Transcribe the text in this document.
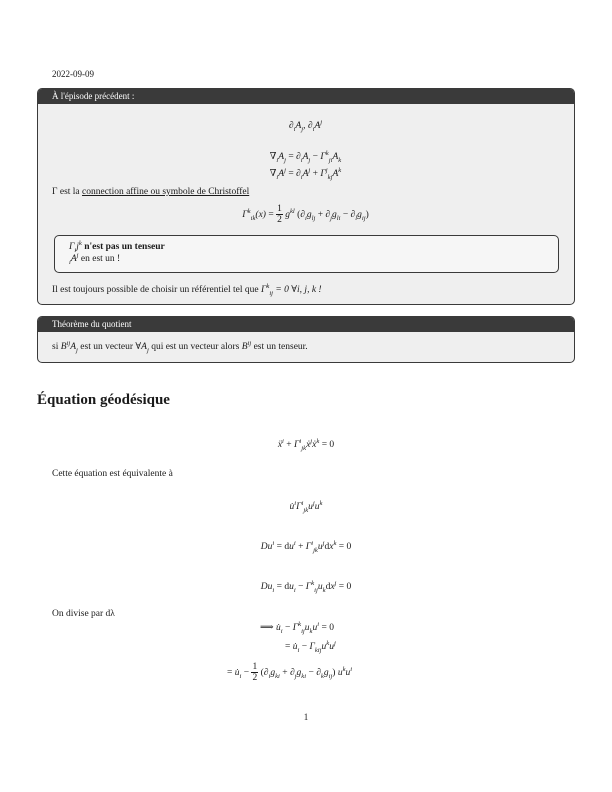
2022-09-09
À l'épisode précédent :
$\partial_iA_j$, $\partial_iA^j$
$\nabla_iA_j = \partial_iA_j - \Gamma^k_{ji}A_k$
$\nabla_iA^j = \partial_iA^j + \Gamma^j_{kj}A^k$
Γ est la connection affine ou symbole de Christoffel
$\Gamma^k_{ik}(x) = \frac{1}{2} g^{kl}$ $(\partial_ig_{lj} + \partial_jg_{li} - \partial_lg_{ij})$
$\Gamma_ij^k$ n'est pas un tenseur
$_iA^j$ en est un !
Il est toujours possible de choisir un référentiel tel que $\Gamma^k_{ij} = 0$ ∀i, j, k !
Théorème du quotient
si $B^{ij}A_j$ est un vecteur $\forall A_j$ qui est un vecteur alors $B^{ij}$ est un tenseur.
Équation géodésique
ẍ$^i$ + $\Gamma^i_{jk}ẋ^jẋ^k = 0$
Cette équation est équivalente à
$u̇^i\Gamma^i_{jk}u^ju^k$
$Du^i = du^i + \Gamma^i_{jk}u^jdx^k = 0$
$Du_i = du_i - \Gamma^k_{ij}u_kdx^j = 0$
On divise par dλ
⟹ $u̇_i - \Gamma^k_{ij}u_ku^i = 0$
= $u̇_i - \Gamma_{kij}u^ku^j$
= $u̇_i - \frac{1}{2} (\partial_ig_{ki} + \partial_jg_{ki} - \partial_kg_{ij})$ $u^ku^i$
1
